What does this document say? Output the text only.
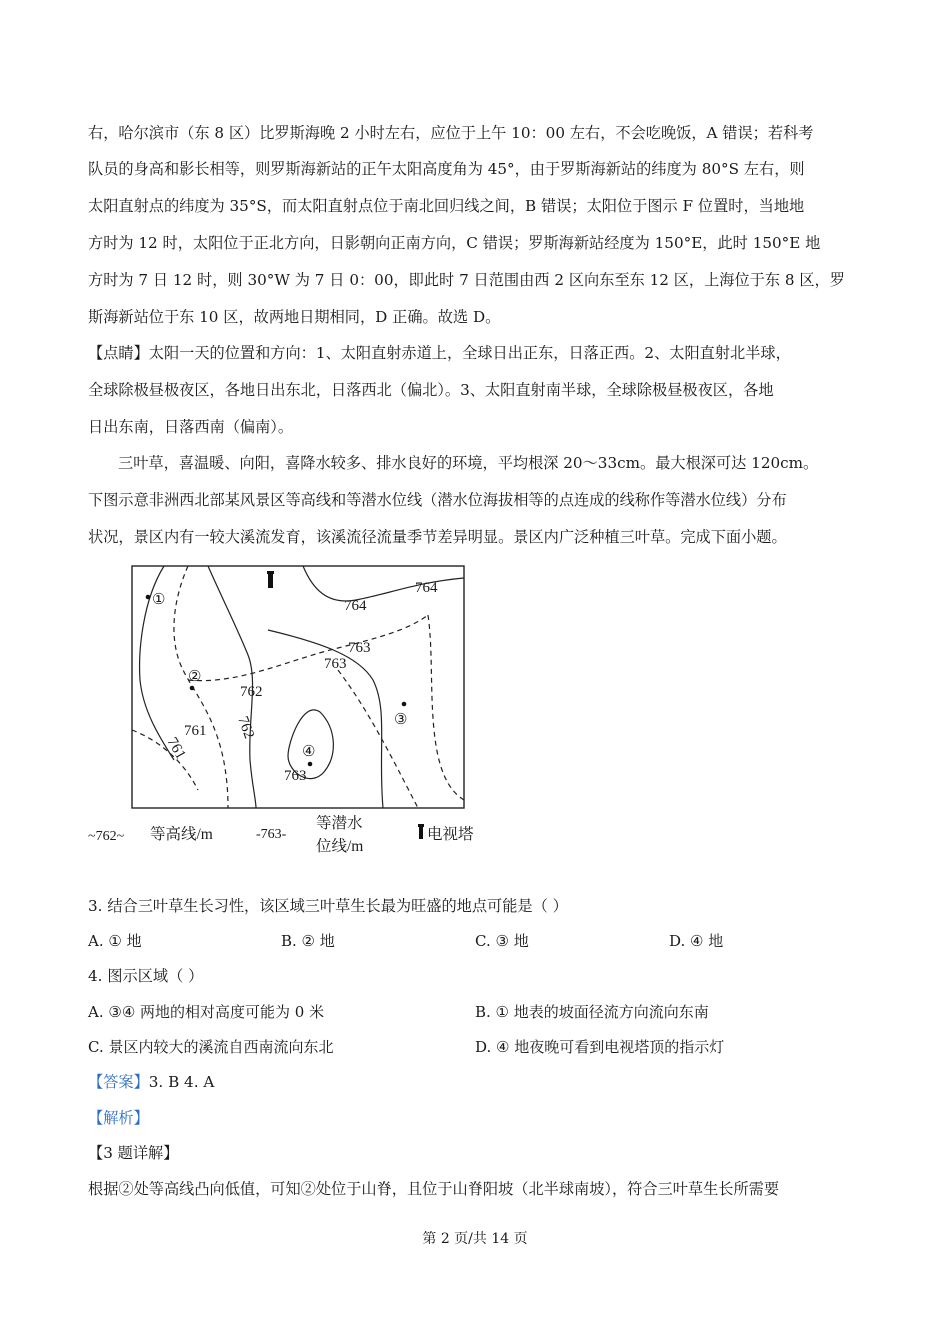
右，哈尔滨市（东 8 区）比罗斯海晚 2 小时左右，应位于上午 10：00 左右，不会吃晚饭，A 错误；若科考
队员的身高和影长相等，则罗斯海新站的正午太阳高度角为 45°，由于罗斯海新站的纬度为 80°S 左右，则
太阳直射点的纬度为 35°S，而太阳直射点位于南北回归线之间，B 错误；太阳位于图示 F 位置时，当地地
方时为 12 时，太阳位于正北方向，日影朝向正南方向，C 错误；罗斯海新站经度为 150°E，此时 150°E 地
方时为 7 日 12 时，则 30°W 为 7 日 0：00，即此时 7 日范围由西 2 区向东至东 12 区，上海位于东 8 区，罗
斯海新站位于东 10 区，故两地日期相同，D 正确。故选 D。
【点睛】太阳一天的位置和方向：1、太阳直射赤道上，全球日出正东，日落正西。2、太阳直射北半球，
全球除极昼极夜区，各地日出东北，日落西北（偏北）。3、太阳直射南半球，全球除极昼极夜区，各地
日出东南，日落西南（偏南）。
三叶草，喜温暖、向阳，喜降水较多、排水良好的环境，平均根深 20～33cm。最大根深可达 120cm。
下图示意非洲西北部某风景区等高线和等潜水位线（潜水位海拔相等的点连成的线称作等潜水位线）分布
状况，景区内有一较大溪流发育，该溪流径流量季节差异明显。景区内广泛种植三叶草。完成下面小题。
①
②
③
④
764
764
763
763
762
762
761
761
763
~762~ 等高线/m	-763-
等潜水
位线/m
电视塔
3. 结合三叶草生长习性，该区域三叶草生长最为旺盛的地点可能是（ ）
A. ① 地	B. ② 地	C. ③ 地	D. ④ 地
4. 图示区域（ ）
A. ③④ 两地的相对高度可能为 0 米	B. ① 地表的坡面径流方向流向东南
C. 景区内较大的溪流自西南流向东北	D. ④ 地夜晚可看到电视塔顶的指示灯
【答案】3. B 4. A
【解析】
【3 题详解】
根据②处等高线凸向低值，可知②处位于山脊，且位于山脊阳坡（北半球南坡），符合三叶草生长所需要
第 2 页/共 14 页
